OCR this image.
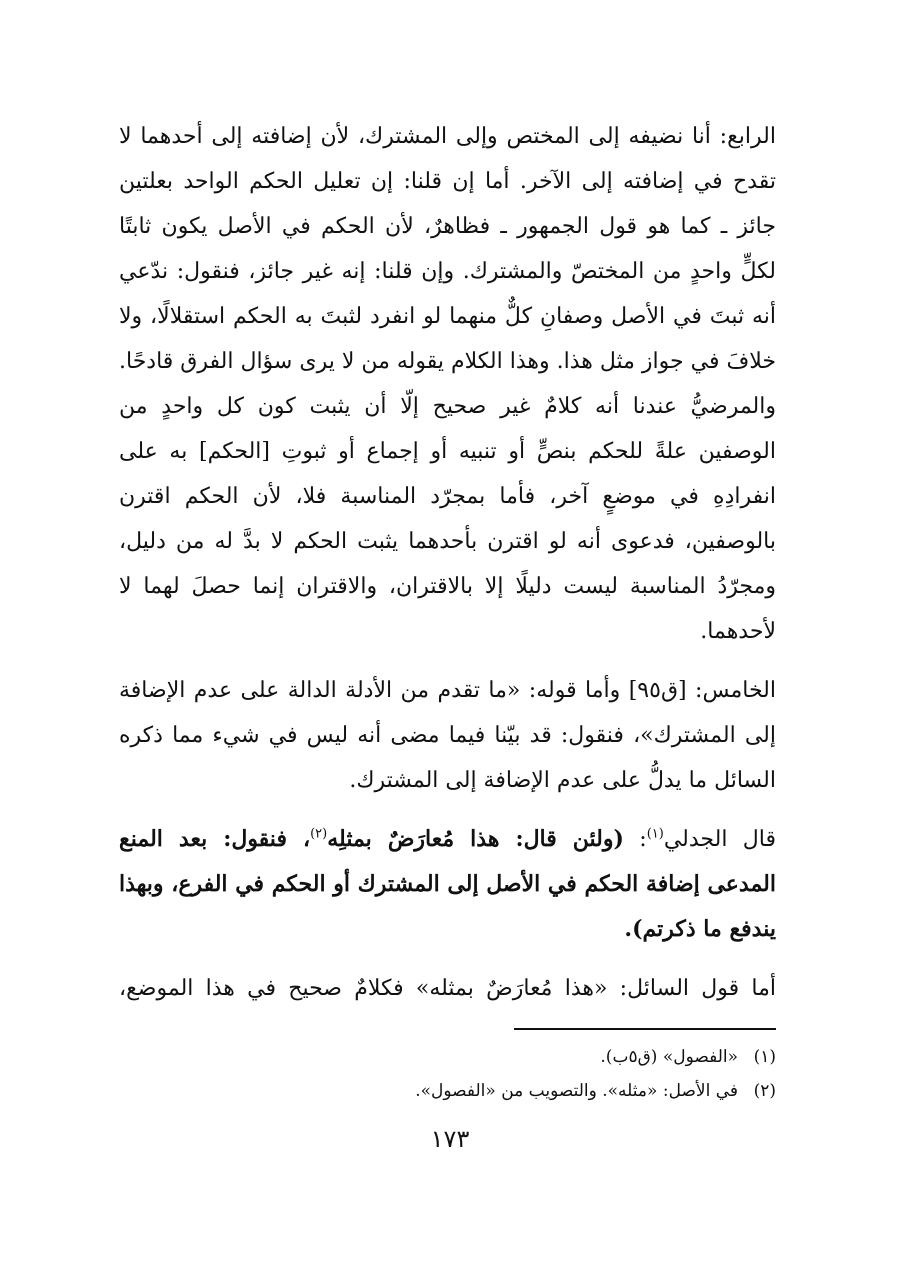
الرابع: أنا نضيفه إلى المختص وإلى المشترك، لأن إضافته إلى أحدهما لا تقدح في إضافته إلى الآخر. أما إن قلنا: إن تعليل الحكم الواحد بعلتين جائز ـ كما هو قول الجمهور ـ فظاهرٌ، لأن الحكم في الأصل يكون ثابتًا لكلٍّ واحدٍ من المختصّ والمشترك. وإن قلنا: إنه غير جائز، فنقول: ندّعي أنه ثبتَ في الأصل وصفانِ كلٌّ منهما لو انفرد لثبتَ به الحكم استقلالًا، ولا خلافَ في جواز مثل هذا. وهذا الكلام يقوله من لا يرى سؤال الفرق قادحًا. والمرضيُّ عندنا أنه كلامٌ غير صحيح إلّا أن يثبت كون كل واحدٍ من الوصفين علةً للحكم بنصٍّ أو تنبيه أو إجماع أو ثبوتِ [الحكم] به على انفرادِهِ في موضعٍ آخر، فأما بمجرّد المناسبة فلا، لأن الحكم اقترن بالوصفين، فدعوى أنه لو اقترن بأحدهما يثبت الحكم لا بدَّ له من دليل، ومجرّدُ المناسبة ليست دليلًا إلا بالاقتران، والاقتران إنما حصلَ لهما لا لأحدهما.

الخامس: [ق٩٥] وأما قوله: «ما تقدم من الأدلة الدالة على عدم الإضافة إلى المشترك»، فنقول: قد بيّنا فيما مضى أنه ليس في شيء مما ذكره السائل ما يدلُّ على عدم الإضافة إلى المشترك.

قال الجدلي$^{(١)}$: (ولئن قال: هذا مُعارَضٌ بمثلِه$^{(٢)}$، فنقول: بعد المنع المدعى إضافة الحكم في الأصل إلى المشترك أو الحكم في الفرع، وبهذا يندفع ما ذكرتم).

أما قول السائل: «هذا مُعارَضٌ بمثله» فكلامٌ صحيح في هذا الموضع،

(١)«الفصول» (ق٥ب).

(٢)في الأصل: «مثله». والتصويب من «الفصول».

١٧٣
